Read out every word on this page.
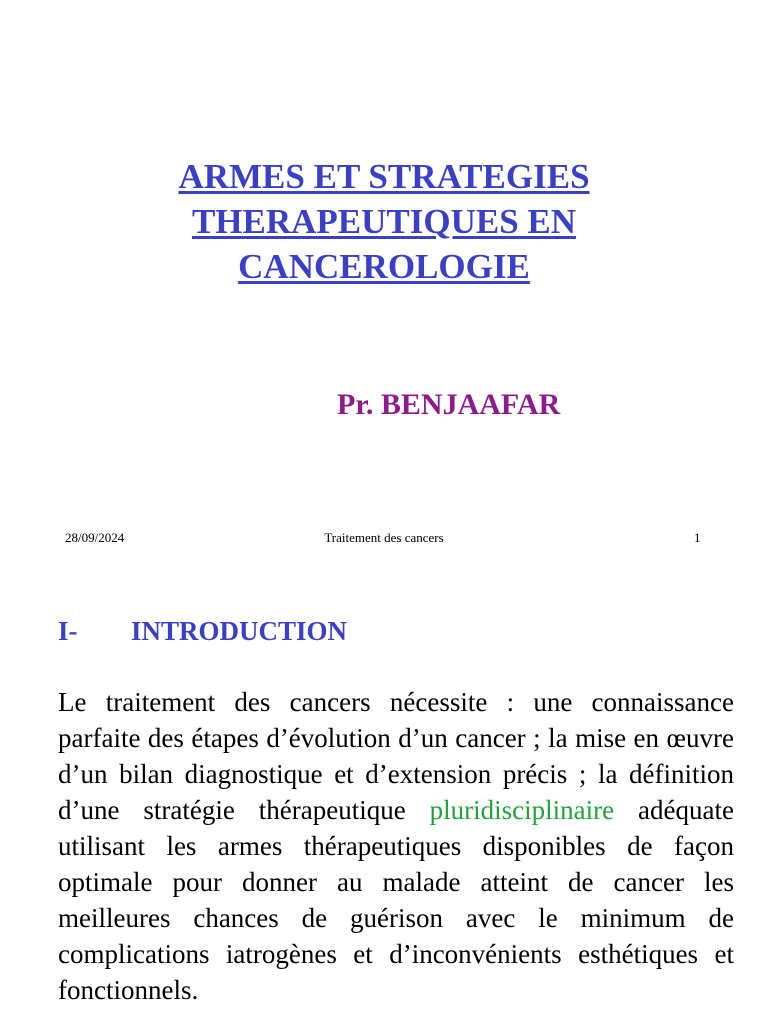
ARMES ET STRATEGIES
THERAPEUTIQUES EN
CANCEROLOGIE
Pr. BENJAAFAR
28/09/2024	Traitement des cancers	1
I- INTRODUCTION
Le traitement des cancers nécessite : une connaissance parfaite des étapes d’évolution d’un cancer ; la mise en œuvre d’un bilan diagnostique et d’extension précis ; la définition d’une stratégie thérapeutique pluridisciplinaire adéquate utilisant les armes thérapeutiques disponibles de façon optimale pour donner au malade atteint de cancer les meilleures chances de guérison avec le minimum de complications iatrogènes et d’inconvénients esthétiques et fonctionnels.
